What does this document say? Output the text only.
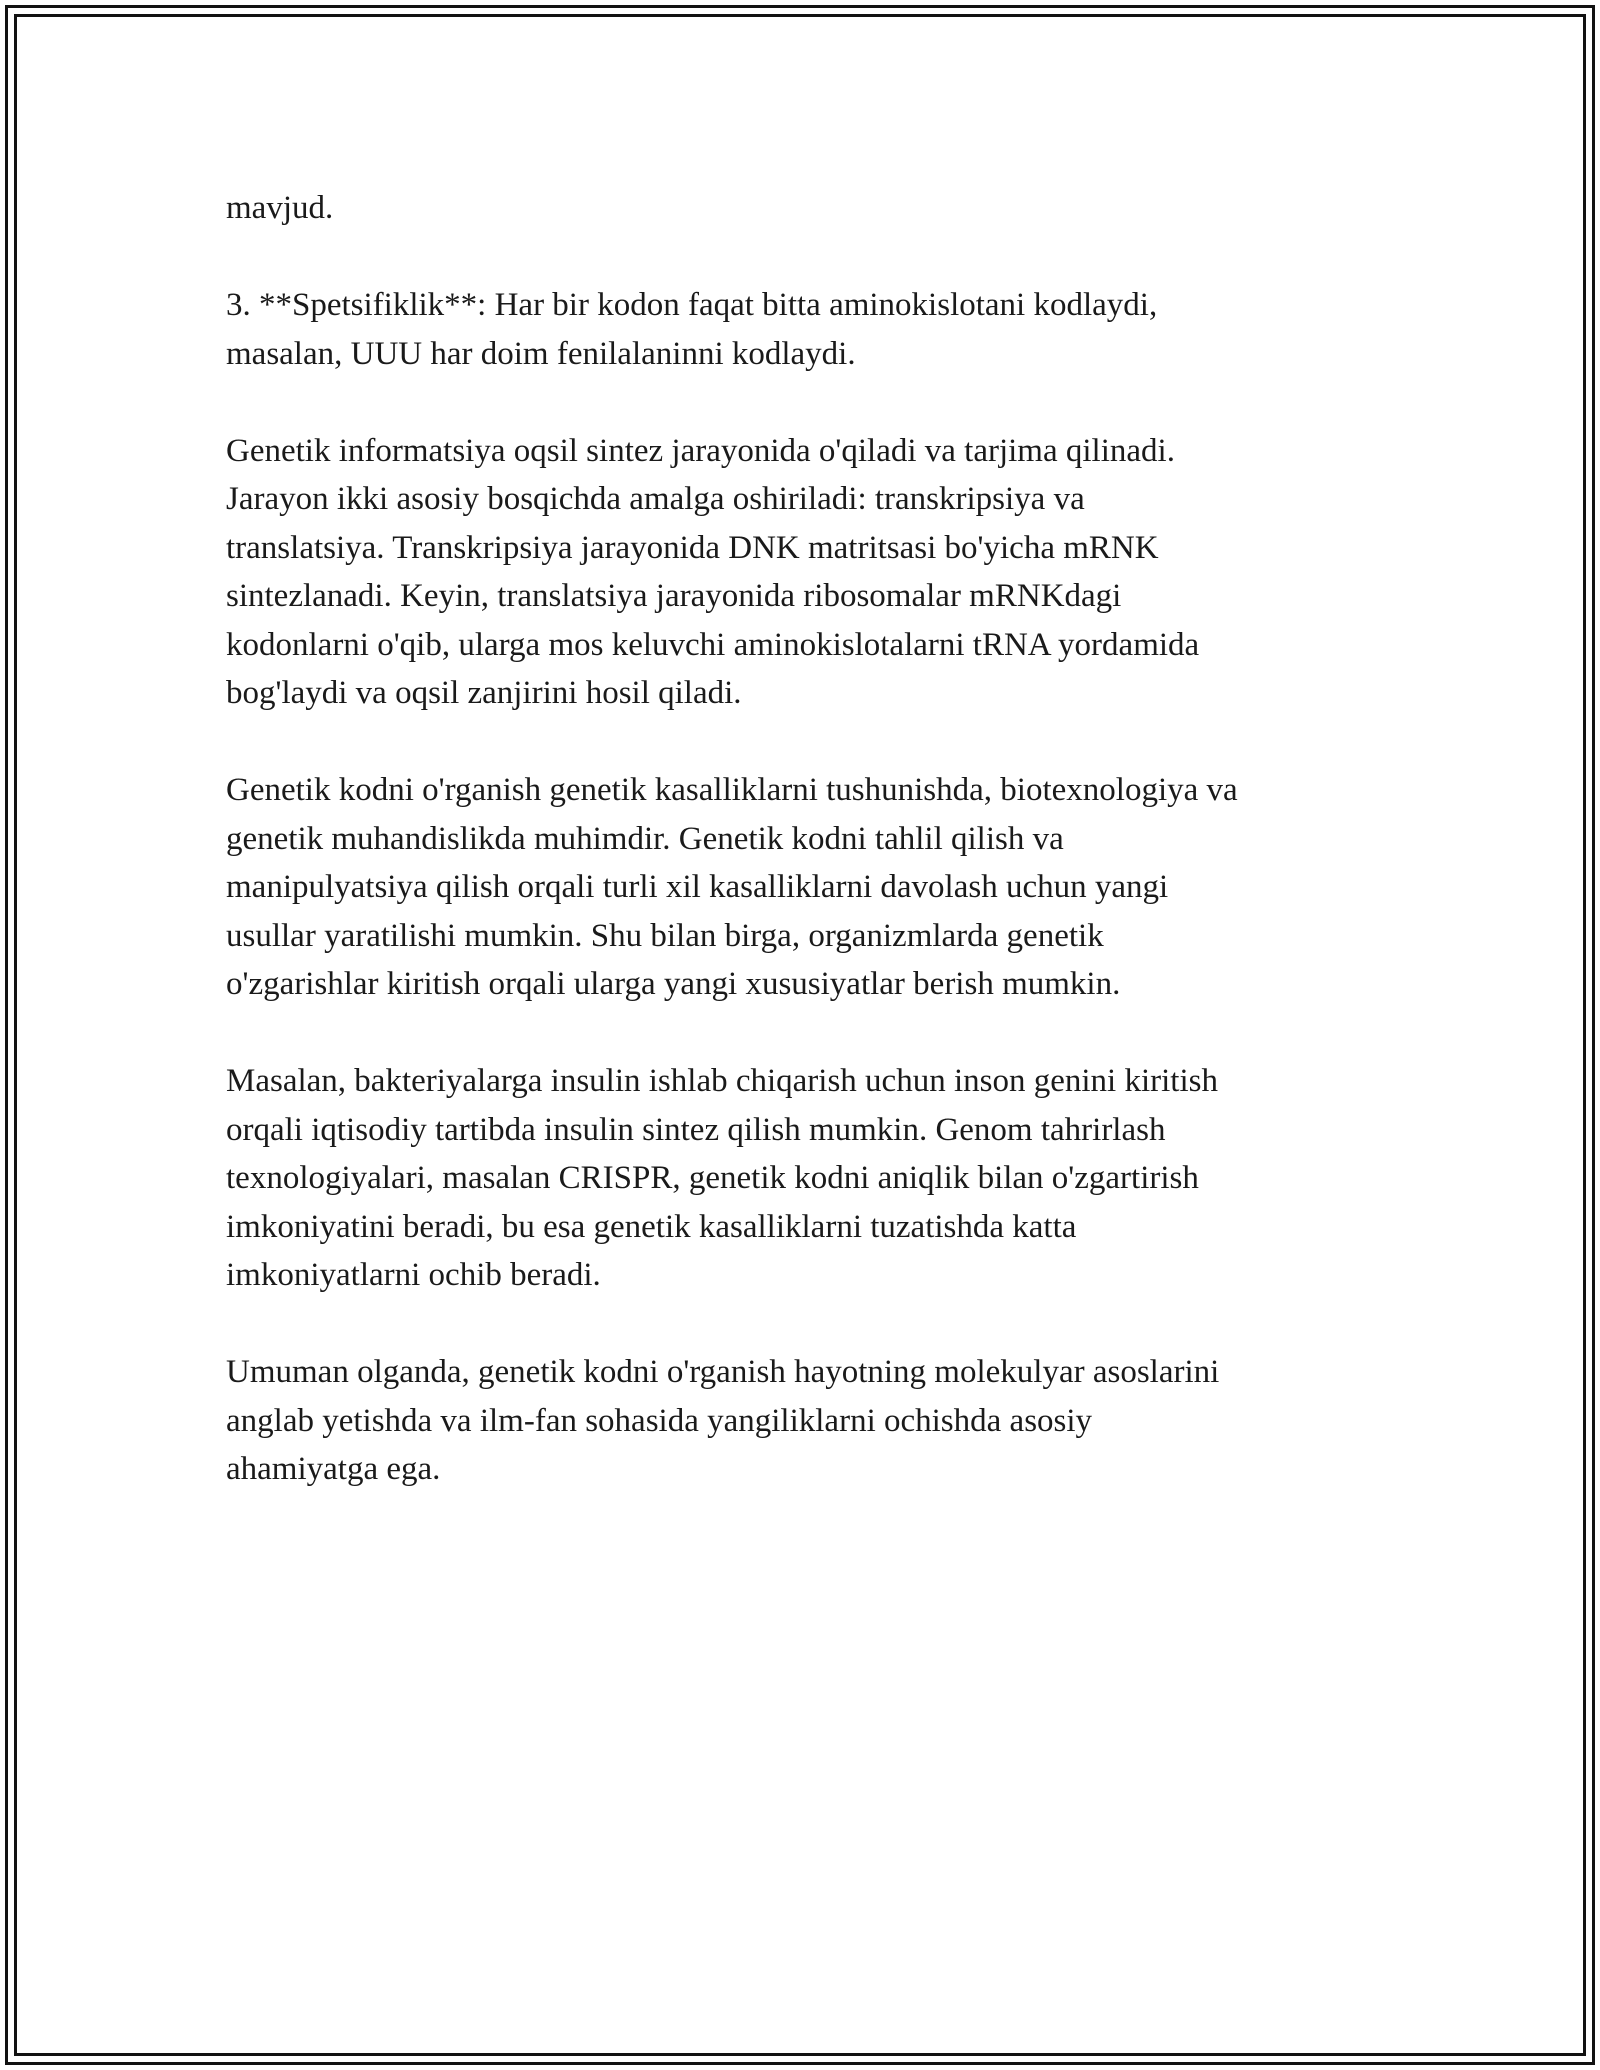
mavjud.

3. **Spetsifiklik**: Har bir kodon faqat bitta aminokislotani kodlaydi,
masalan, UUU har doim fenilalaninni kodlaydi.

Genetik informatsiya oqsil sintez jarayonida o'qiladi va tarjima qilinadi.
Jarayon ikki asosiy bosqichda amalga oshiriladi: transkripsiya va
translatsiya. Transkripsiya jarayonida DNK matritsasi bo'yicha mRNK
sintezlanadi. Keyin, translatsiya jarayonida ribosomalar mRNKdagi
kodonlarni o'qib, ularga mos keluvchi aminokislotalarni tRNA yordamida
bog'laydi va oqsil zanjirini hosil qiladi.

Genetik kodni o'rganish genetik kasalliklarni tushunishda, biotexnologiya va
genetik muhandislikda muhimdir. Genetik kodni tahlil qilish va
manipulyatsiya qilish orqali turli xil kasalliklarni davolash uchun yangi
usullar yaratilishi mumkin. Shu bilan birga, organizmlarda genetik
o'zgarishlar kiritish orqali ularga yangi xususiyatlar berish mumkin.

Masalan, bakteriyalarga insulin ishlab chiqarish uchun inson genini kiritish
orqali iqtisodiy tartibda insulin sintez qilish mumkin. Genom tahrirlash
texnologiyalari, masalan CRISPR, genetik kodni aniqlik bilan o'zgartirish
imkoniyatini beradi, bu esa genetik kasalliklarni tuzatishda katta
imkoniyatlarni ochib beradi.

Umuman olganda, genetik kodni o'rganish hayotning molekulyar asoslarini
anglab yetishda va ilm-fan sohasida yangiliklarni ochishda asosiy
ahamiyatga ega.
